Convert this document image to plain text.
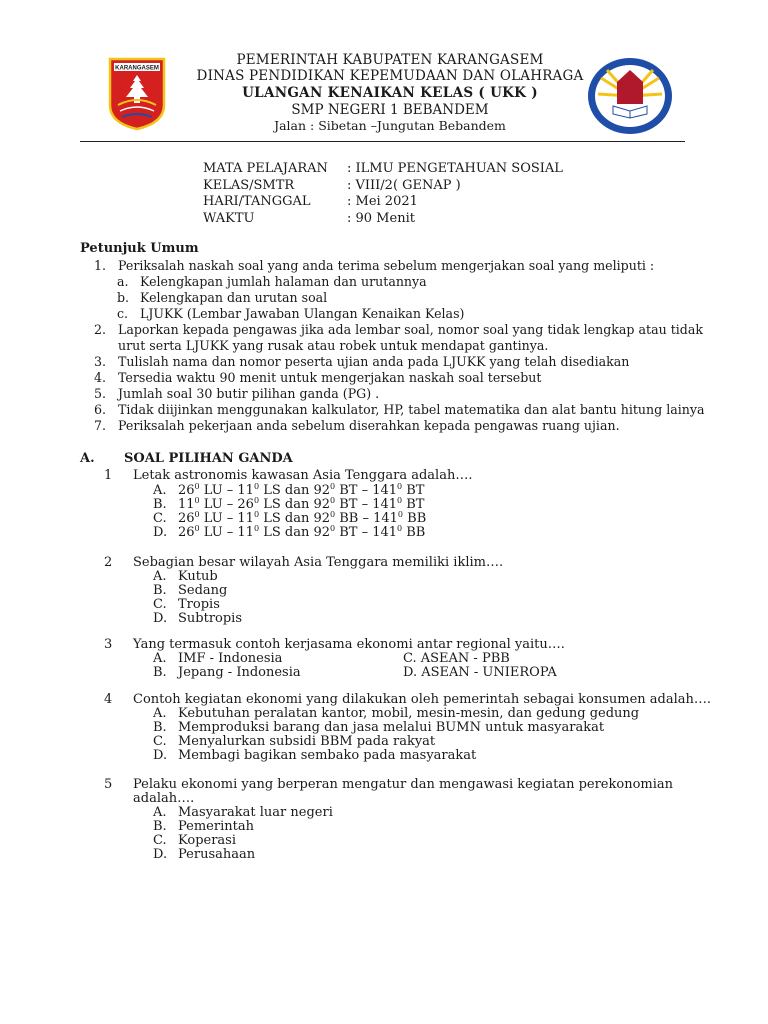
KARANGASEM
PEMERINTAH KABUPATEN KARANGASEM
DINAS PENDIDIKAN KEPEMUDAAN DAN OLAHRAGA
ULANGAN KENAIKAN KELAS ( UKK )
SMP NEGERI 1 BEBANDEM
Jalan : Sibetan –Jungutan Bebandem
MATA PELAJARAN : ILMU PENGETAHUAN SOSIAL
KELAS/SMTR	: VIII/2( GENAP )
HARI/TANGGAL	: Mei 2021
WAKTU	: 90 Menit
Petunjuk Umum
1. Periksalah naskah soal yang anda terima sebelum mengerjakan soal yang meliputi :
a. Kelengkapan jumlah halaman dan urutannya
b. Kelengkapan dan urutan soal
c. LJUKK (Lembar Jawaban Ulangan Kenaikan Kelas)
2. Laporkan kepada pengawas jika ada lembar soal, nomor soal yang tidak lengkap atau tidak
urut serta LJUKK yang rusak atau robek untuk mendapat gantinya.
3. Tulislah nama dan nomor peserta ujian anda pada LJUKK yang telah disediakan
4. Tersedia waktu 90 menit untuk mengerjakan naskah soal tersebut
5. Jumlah soal 30 butir pilihan ganda (PG) .
6. Tidak diijinkan menggunakan kalkulator, HP, tabel matematika dan alat bantu hitung lainya
7. Periksalah pekerjaan anda sebelum diserahkan kepada pengawas ruang ujian.
A. SOAL PILIHAN GANDA
1 Letak astronomis kawasan Asia Tenggara adalah….
A. $26^0$ LU – $11^0$ LS dan $92^0$ BT – $141^0$ BT
B. $11^0$ LU – $26^0$ LS dan $92^0$ BT – $141^0$ BT
C. $26^0$ LU – $11^0$ LS dan $92^0$ BB – $141^0$ BB
D. $26^0$ LU – $11^0$ LS dan $92^0$ BT – $141^0$ BB
2 Sebagian besar wilayah Asia Tenggara memiliki iklim….
A. Kutub
B. Sedang
C. Tropis
D. Subtropis
3 Yang termasuk contoh kerjasama ekonomi antar regional yaitu….
A. IMF - Indonesia	C. ASEAN - PBB
B. Jepang - Indonesia	D. ASEAN - UNIEROPA
4 Contoh kegiatan ekonomi yang dilakukan oleh pemerintah sebagai konsumen adalah….
A. Kebutuhan peralatan kantor, mobil, mesin-mesin, dan gedung gedung
B. Memproduksi barang dan jasa melalui BUMN untuk masyarakat
C. Menyalurkan subsidi BBM pada rakyat
D. Membagi bagikan sembako pada masyarakat
5 Pelaku ekonomi yang berperan mengatur dan mengawasi kegiatan perekonomian
adalah….
A. Masyarakat luar negeri
B. Pemerintah
C. Koperasi
D. Perusahaan
